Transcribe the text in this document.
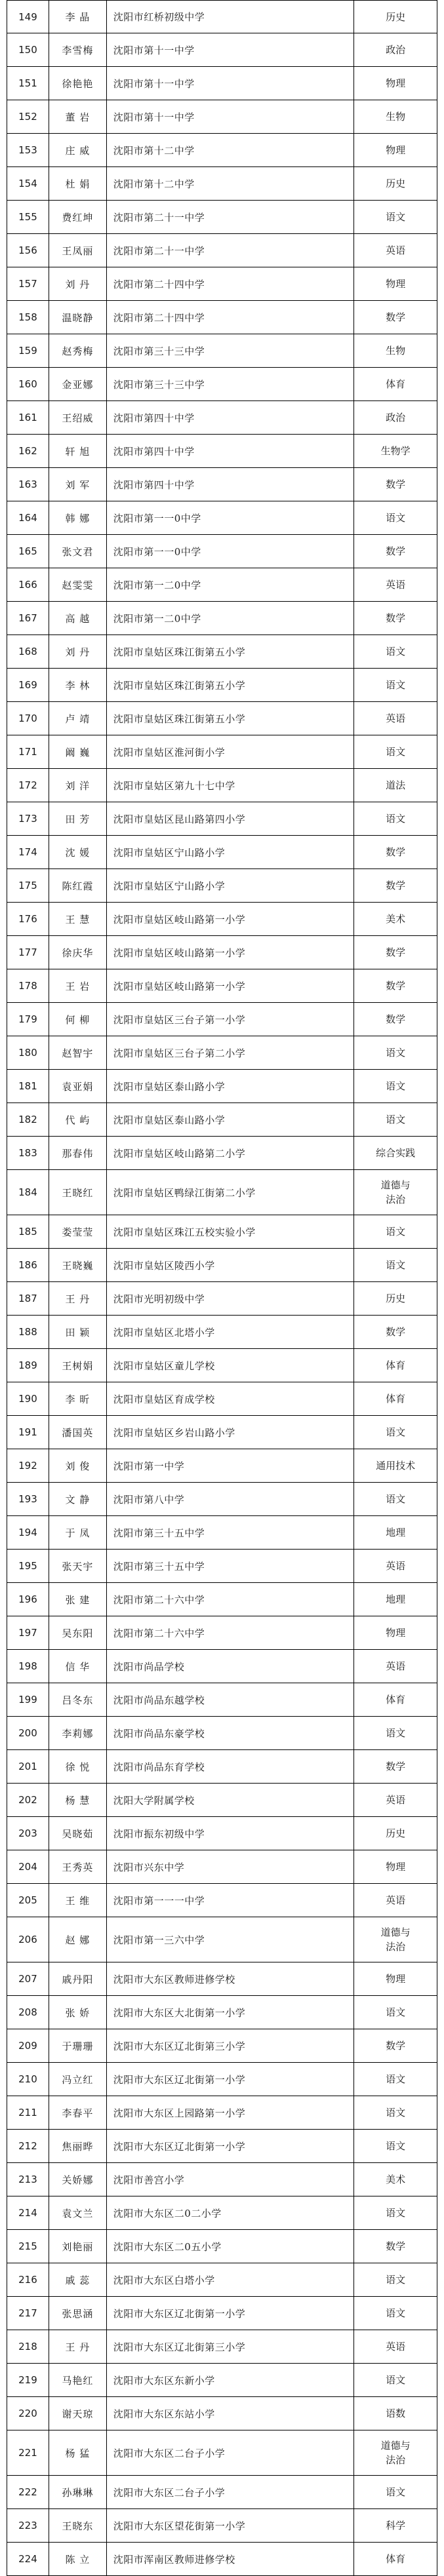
149	李 晶	沈阳市红桥初级中学	历史
150	李雪梅	沈阳市第十一中学	政治
151	徐艳艳	沈阳市第十一中学	物理
152	董 岩	沈阳市第十一中学	生物
153	庄 威	沈阳市第十二中学	物理
154	杜 娟	沈阳市第十二中学	历史
155	费红坤	沈阳市第二十一中学	语文
156	王凤丽	沈阳市第二十一中学	英语
157	刘 丹	沈阳市第二十四中学	物理
158	温晓静	沈阳市第二十四中学	数学
159	赵秀梅	沈阳市第三十三中学	生物
160	金亚娜	沈阳市第三十三中学	体育
161	王绍威	沈阳市第四十中学	政治
162	轩 旭	沈阳市第四十中学	生物学
163	刘 军	沈阳市第四十中学	数学
164	韩 娜	沈阳市第一一0中学	语文
165	张文君	沈阳市第一一0中学	数学
166	赵雯雯	沈阳市第一二0中学	英语
167	高 越	沈阳市第一二0中学	数学
168	刘 丹	沈阳市皇姑区珠江街第五小学	语文
169	李 林	沈阳市皇姑区珠江街第五小学	语文
170	卢 靖	沈阳市皇姑区珠江街第五小学	英语
171	阚 巍	沈阳市皇姑区淮河街小学	语文
172	刘 洋	沈阳市皇姑区第九十七中学	道法
173	田 芳	沈阳市皇姑区昆山路第四小学	语文
174	沈 媛	沈阳市皇姑区宁山路小学	数学
175	陈红霞	沈阳市皇姑区宁山路小学	数学
176	王 慧	沈阳市皇姑区岐山路第一小学	美术
177	徐庆华	沈阳市皇姑区岐山路第一小学	数学
178	王 岩	沈阳市皇姑区岐山路第一小学	数学
179	何 柳	沈阳市皇姑区三台子第一小学	数学
180	赵智宇	沈阳市皇姑区三台子第二小学	语文
181	袁亚娟	沈阳市皇姑区泰山路小学	语文
182	代 屿	沈阳市皇姑区泰山路小学	语文
183	那春伟	沈阳市皇姑区岐山路第二小学	综合实践
184	王晓红	沈阳市皇姑区鸭绿江街第二小学
道德与
法治
185	娄莹莹	沈阳市皇姑区珠江五校实验小学	语文
186	王晓巍	沈阳市皇姑区陵西小学	语文
187	王 丹	沈阳市光明初级中学	历史
188	田 颖	沈阳市皇姑区北塔小学	数学
189	王树娟	沈阳市皇姑区童儿学校	体育
190	李 昕	沈阳市皇姑区育成学校	体育
191	潘国英	沈阳市皇姑区乡岩山路小学	语文
192	刘 俊	沈阳市第一中学	通用技术
193	文 静	沈阳市第八中学	语文
194	于 凤	沈阳市第三十五中学	地理
195	张天宇	沈阳市第三十五中学	英语
196	张 建	沈阳市第二十六中学	地理
197	吴东阳	沈阳市第二十六中学	物理
198	信 华	沈阳市尚品学校	英语
199	吕冬东	沈阳市尚品东越学校	体育
200	李莉娜	沈阳市尚品东豪学校	语文
201	徐 悦	沈阳市尚品东育学校	数学
202	杨 慧	沈阳大学附属学校	英语
203	吴晓茹	沈阳市振东初级中学	历史
204	王秀英	沈阳市兴东中学	物理
205	王 维	沈阳市第一一一中学	英语
206	赵 娜	沈阳市第一三六中学
道德与
法治
207	戚丹阳	沈阳市大东区教师进修学校	物理
208	张 娇	沈阳市大东区大北街第一小学	语文
209	于珊珊	沈阳市大东区辽北街第三小学	数学
210	冯立红	沈阳市大东区辽北街第一小学	语文
211	李春平	沈阳市大东区上园路第一小学	语文
212	焦丽晔	沈阳市大东区辽北街第一小学	语文
213	关娇娜	沈阳市善宫小学	美术
214	袁文兰	沈阳市大东区二0二小学	语文
215	刘艳丽	沈阳市大东区二0五小学	数学
216	戚 蕊	沈阳市大东区白塔小学	语文
217	张思涵	沈阳市大东区辽北街第一小学	语文
218	王 丹	沈阳市大东区辽北街第三小学	英语
219	马艳红	沈阳市大东区东新小学	语文
220	谢天琼	沈阳市大东区东站小学	语数
221	杨 猛	沈阳市大东区二台子小学
道德与
法治
222	孙琳琳	沈阳市大东区二台子小学	语文
223	王晓东	沈阳市大东区望花街第一小学	科学
224	陈 立	沈阳市浑南区教师进修学校	体育
